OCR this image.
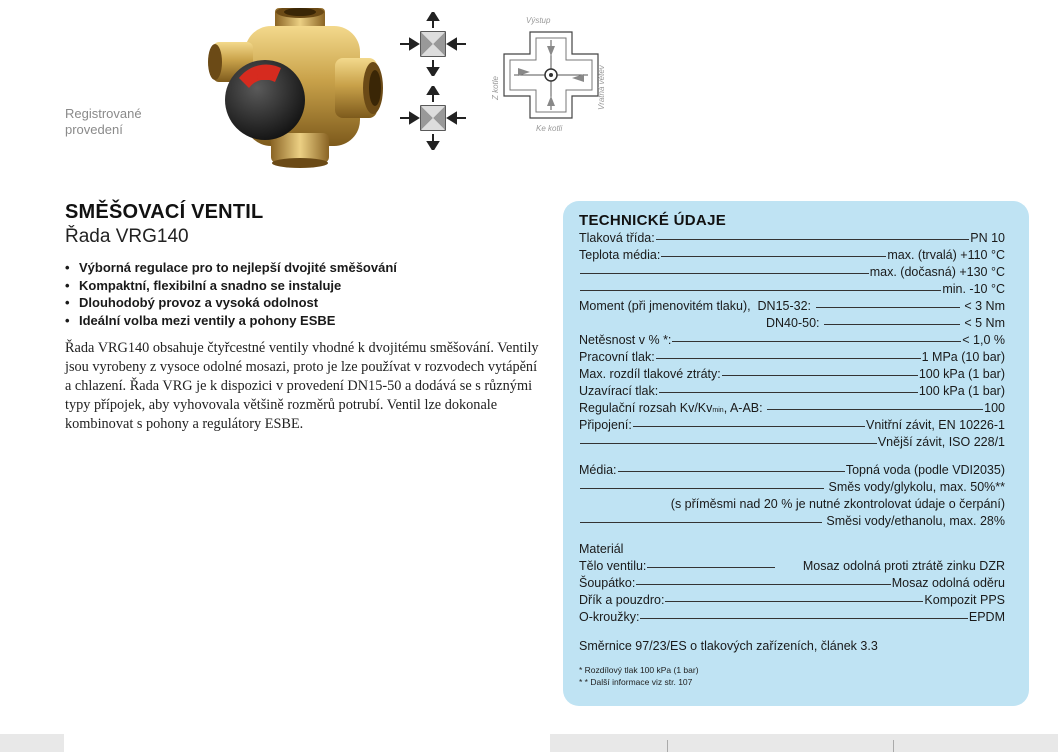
Registrované
provedení
Výstup
Ke kotli
Z kotle	Vratná větev
SMĚŠOVACÍ VENTIL
Řada VRG140
• Výborná regulace pro to nejlepší dvojité směšování
• Kompaktní, flexibilní a snadno se instaluje
• Dlouhodobý provoz a vysoká odolnost
• Ideální volba mezi ventily a pohony ESBE

Řada VRG140 obsahuje čtyřcestné ventily vhodné k dvojitému směšování. Ventily jsou vyrobeny z vysoce odolné mosazi, proto je lze používat v rozvodech vytápění a chlazení. Řada VRG je k dispozici v provedení DN15-50 a dodává se s různými typy přípojek, aby vyhovovala většině rozměrů potrubí. Ventil lze dokonale kombinovat s pohony a regulátory ESBE.

TECHNICKÉ ÚDAJE
Tlaková třída:	PN 10
Teplota média:	max. (trvalá) +110 °C
max. (dočasná) +130 °C
min. -10 °C
Moment (při jmenovitém tlaku),
DN15-32:

	< 3 Nm
DN40-50:

	< 5 Nm
Netěsnost v % *:	< 1,0 %
Pracovní tlak:	1 MPa (10 bar)
Max. rozdíl tlakové ztráty:	100 kPa (1 bar)
Uzavírací tlak:	100 kPa (1 bar)
Regulační rozsah Kv/Kv min , A-AB:
	100
Připojení:	Vnitřní závit, EN 10226-1
Vnější závit, ISO 228/1
Média:	Topná voda (podle VDI2035)

Směs vody/glykolu, max. 50%**
(s příměsmi nad 20 % je nutné zkontrolovat údaje o čerpání)

Směsi vody/ethanolu, max. 28%
Materiál
Tělo ventilu:
	Mosaz odolná proti ztrátě zinku DZR
Šoupátko:	Mosaz odolná oděru
Dřík a pouzdro:	Kompozit PPS
O-kroužky:	EPDM
Směrnice 97/23/ES o tlakových zařízeních, článek 3.3
* Rozdílový tlak 100 kPa (1 bar)
* * Další informace viz str. 107
